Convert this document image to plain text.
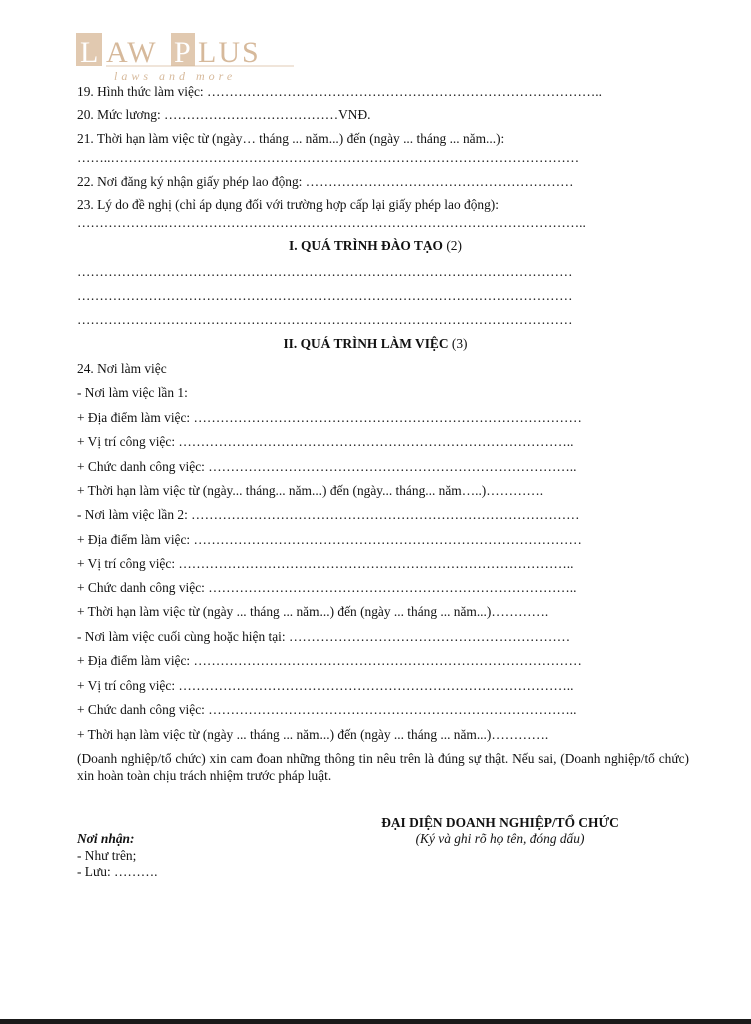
L AW P LUS
laws and more
19. Hình thức làm việc: ……………………………………………………………………………..
20. Mức lương: …………………………………VNĐ.
21. Thời hạn làm việc từ (ngày… tháng ... năm...) đến (ngày ... tháng ... năm...):
……..……………………………………………………………………………………………
22. Nơi đăng ký nhận giấy phép lao động: ……………………………………………………
23. Lý do đề nghị (chỉ áp dụng đối với trường hợp cấp lại giấy phép lao động):
………………..…………………………………………………………………………………..
I. QUÁ TRÌNH ĐÀO TẠO (2)
…………………………………………………………………………………………………
…………………………………………………………………………………………………
…………………………………………………………………………………………………
II. QUÁ TRÌNH LÀM VIỆC (3)
24. Nơi làm việc
- Nơi làm việc lần 1:
+ Địa điểm làm việc: ……………………………………………………………………………
+ Vị trí công việc: ……………………………………………………………………………..
+ Chức danh công việc: ………………………………………………………………………..
+ Thời hạn làm việc từ (ngày... tháng... năm...) đến (ngày... tháng... năm…..)………….
- Nơi làm việc lần 2: ……………………………………………………………………………
+ Địa điểm làm việc: ……………………………………………………………………………
+ Vị trí công việc: ……………………………………………………………………………..
+ Chức danh công việc: ………………………………………………………………………..
+ Thời hạn làm việc từ (ngày ... tháng ... năm...) đến (ngày ... tháng ... năm...)………….
- Nơi làm việc cuối cùng hoặc hiện tại: ………………………………………………………
+ Địa điểm làm việc: ……………………………………………………………………………
+ Vị trí công việc: ……………………………………………………………………………..
+ Chức danh công việc: ………………………………………………………………………..
+ Thời hạn làm việc từ (ngày ... tháng ... năm...) đến (ngày ... tháng ... năm...)………….
(Doanh nghiệp/tổ chức) xin cam đoan những thông tin nêu trên là đúng sự thật. Nếu sai, (Doanh nghiệp/tổ chức) xin hoàn toàn chịu trách nhiệm trước pháp luật.
ĐẠI DIỆN DOANH NGHIỆP/TỔ CHỨC
(Ký và ghi rõ họ tên, đóng dấu)
Nơi nhận:
- Như trên;
- Lưu: ……….
